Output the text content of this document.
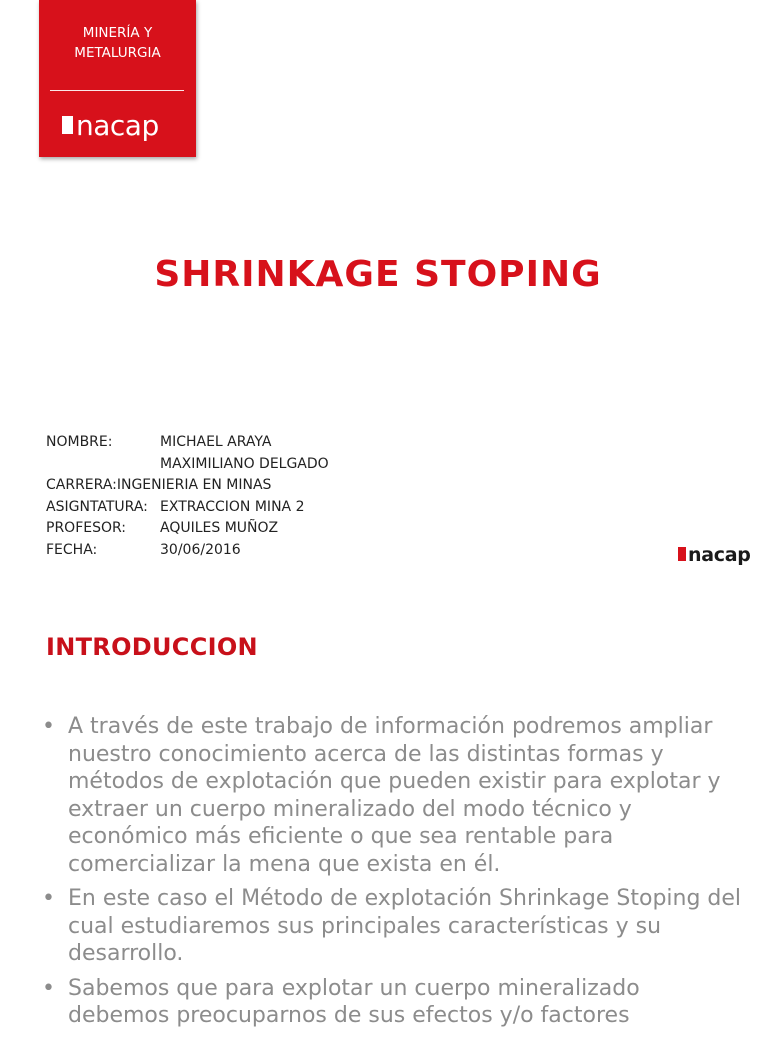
MINERÍA Y
METALURGIA
nacap
SHRINKAGE STOPING
NOMBRE:	MICHAEL ARAYA
MAXIMILIANO DELGADO
CARRERA:INGENIERIA EN MINAS
ASIGNTATURA: EXTRACCION MINA 2
PROFESOR: AQUILES MUÑOZ
FECHA:	30/06/2016	nacap
INTRODUCCION
• A través de este trabajo de información podremos ampliar nuestro conocimiento acerca de las distintas formas y métodos de explotación que pueden existir para explotar y extraer un cuerpo mineralizado del modo técnico y económico más eficiente o que sea rentable para comercializar la mena que exista en él.
• En este caso el Método de explotación Shrinkage Stoping del cual estudiaremos sus principales características y su desarrollo.
• Sabemos que para explotar un cuerpo mineralizado debemos preocuparnos de sus efectos y/o factores
